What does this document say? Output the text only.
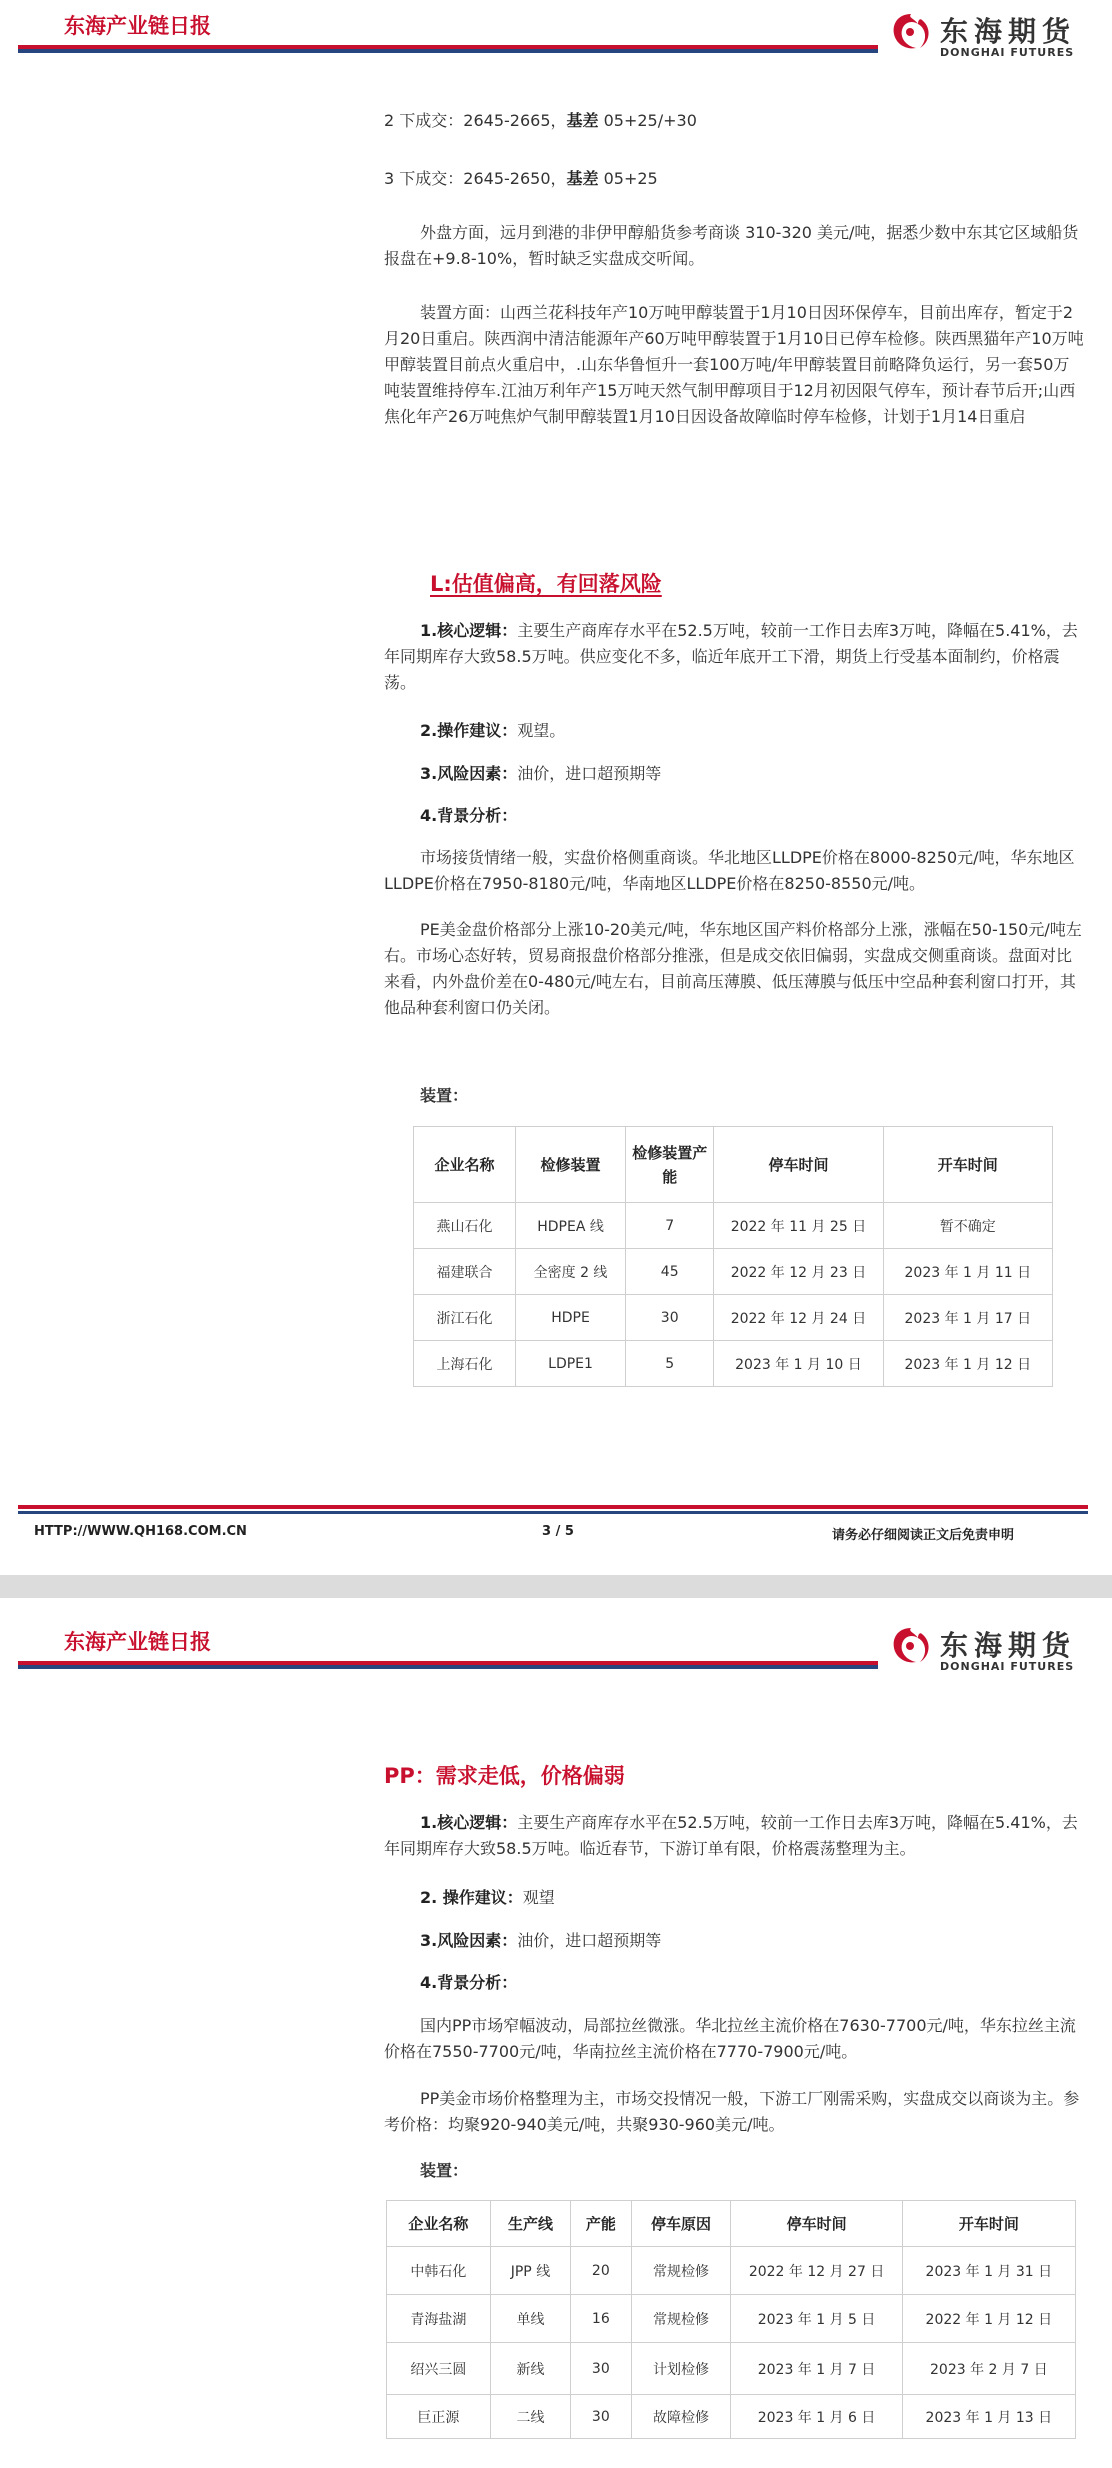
东海产业链日报	东海期货
DONGHAI FUTURES

2 下成交：2645-2665，基差 05+25/+30

3 下成交：2645-2650，基差 05+25

外盘方面，远月到港的非伊甲醇船货参考商谈 310-320 美元/吨，据悉少数中东其它区域船货报盘在+9.8-10%，暂时缺乏实盘成交听闻。

装置方面：山西兰花科技年产10万吨甲醇装置于1月10日因环保停车，目前出库存，暂定于2月20日重启。陕西润中清洁能源年产60万吨甲醇装置于1月10日已停车检修。陕西黑猫年产10万吨甲醇装置目前点火重启中，.山东华鲁恒升一套100万吨/年甲醇装置目前略降负运行，另一套50万吨装置维持停车.江油万利年产15万吨天然气制甲醇项目于12月初因限气停车，预计春节后开;山西焦化年产26万吨焦炉气制甲醇装置1月10日因设备故障临时停车检修，计划于1月14日重启

L:估值偏高，有回落风险

1.核心逻辑：主要生产商库存水平在52.5万吨，较前一工作日去库3万吨，降幅在5.41%，去年同期库存大致58.5万吨。供应变化不多，临近年底开工下滑，期货上行受基本面制约，价格震荡。

2.操作建议：观望。

3.风险因素：油价，进口超预期等

4.背景分析：

市场接货情绪一般，实盘价格侧重商谈。华北地区LLDPE价格在8000-8250元/吨，华东地区LLDPE价格在7950-8180元/吨，华南地区LLDPE价格在8250-8550元/吨。

PE美金盘价格部分上涨10-20美元/吨，华东地区国产料价格部分上涨，涨幅在50-150元/吨左右。市场心态好转，贸易商报盘价格部分推涨，但是成交依旧偏弱，实盘成交侧重商谈。盘面对比来看，内外盘价差在0-480元/吨左右，目前高压薄膜、低压薄膜与低压中空品种套利窗口打开，其他品种套利窗口仍关闭。

装置：

企业名称	检修装置	检修装置产能	停车时间	开车时间
燕山石化	HDPEA 线	7	2022 年 11 月 25 日	暂不确定
福建联合	全密度 2 线	45	2022 年 12 月 23 日	2023 年 1 月 11 日
浙江石化	HDPE	30	2022 年 12 月 24 日	2023 年 1 月 17 日
上海石化	LDPE1	5	2023 年 1 月 10 日	2023 年 1 月 12 日
HTTP://WWW.QH168.COM.CN	3 / 5	请务必仔细阅读正文后免责申明
东海产业链日报	东海期货
DONGHAI FUTURES
PP：需求走低，价格偏弱

1.核心逻辑：主要生产商库存水平在52.5万吨，较前一工作日去库3万吨，降幅在5.41%，去年同期库存大致58.5万吨。临近春节，下游订单有限，价格震荡整理为主。

2. 操作建议：观望

3.风险因素：油价，进口超预期等

4.背景分析：

国内PP市场窄幅波动，局部拉丝微涨。华北拉丝主流价格在7630-7700元/吨，华东拉丝主流价格在7550-7700元/吨，华南拉丝主流价格在7770-7900元/吨。

PP美金市场价格整理为主，市场交投情况一般，下游工厂刚需采购，实盘成交以商谈为主。参考价格：均聚920-940美元/吨，共聚930-960美元/吨。

装置：

企业名称	生产线	产能	停车原因	停车时间	开车时间
中韩石化	JPP 线	20	常规检修	2022 年 12 月 27 日	2023 年 1 月 31 日
青海盐湖	单线	16	常规检修	2023 年 1 月 5 日	2022 年 1 月 12 日
绍兴三圆	新线	30	计划检修	2023 年 1 月 7 日	2023 年 2 月 7 日
巨正源	二线	30	故障检修	2023 年 1 月 6 日	2023 年 1 月 13 日
